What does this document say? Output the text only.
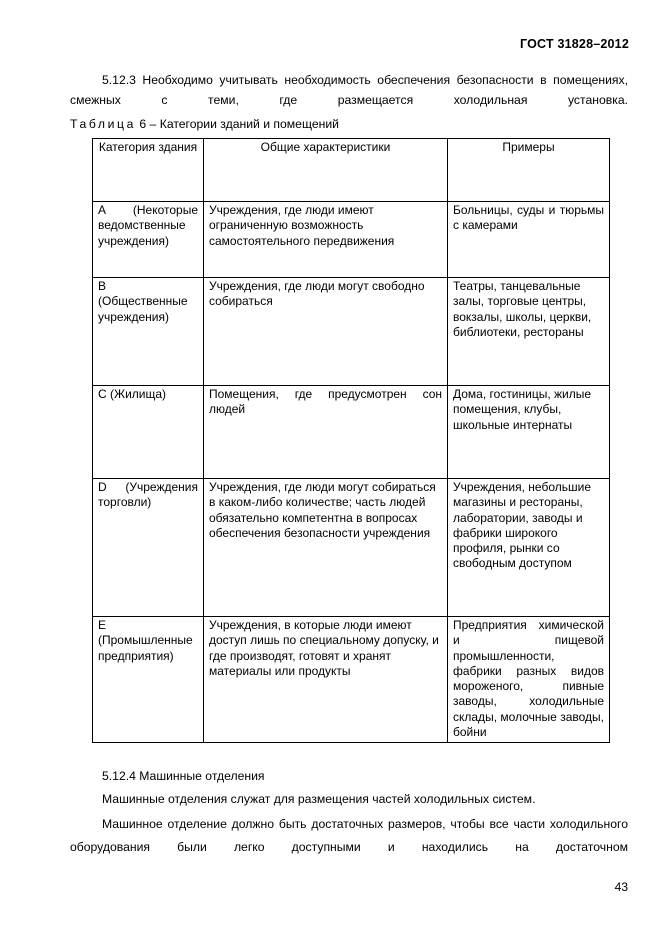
ГОСТ 31828–2012
5.12.3 Необходимо учитывать необходимость обеспечения безопасности в помещениях, смежных с теми, где размещается холодильная установка.
Таблица 6 – Категории зданий и помещений
Категория здания	Общие характеристики	Примеры
А (Некоторые ведомственные учреждения)	Учреждения, где люди имеют ограниченную возможность самостоятельного передвижения	Больницы, суды и тюрьмы с камерами
В (Общественные учреждения)	Учреждения, где люди могут свободно собираться	Театры, танцевальные залы, торговые центры, вокзалы, школы, церкви, библиотеки, рестораны
С (Жилища)	Помещения, где предусмотрен сон людей	Дома, гостиницы, жилые помещения, клубы, школьные интернаты
D (Учреждения торговли)	Учреждения, где люди могут собираться в каком-либо количестве; часть людей обязательно компетентна в вопросах обеспечения безопасности учреждения	Учреждения, небольшие магазины и рестораны, лаборатории, заводы и фабрики широкого профиля, рынки со свободным доступом
Е (Промышленные предприятия)	Учреждения, в которые люди имеют доступ лишь по специальному допуску, и где производят, готовят и хранят материалы или продукты	Предприятия химической и пищевой промышленности, фабрики разных видов мороженого, пивные заводы, холодильные склады, молочные заводы, бойни
5.12.4 Машинные отделения
Машинные отделения служат для размещения частей холодильных систем.
Машинное отделение должно быть достаточных размеров, чтобы все части холодильного оборудования были легко доступными и находились на достаточном
43
